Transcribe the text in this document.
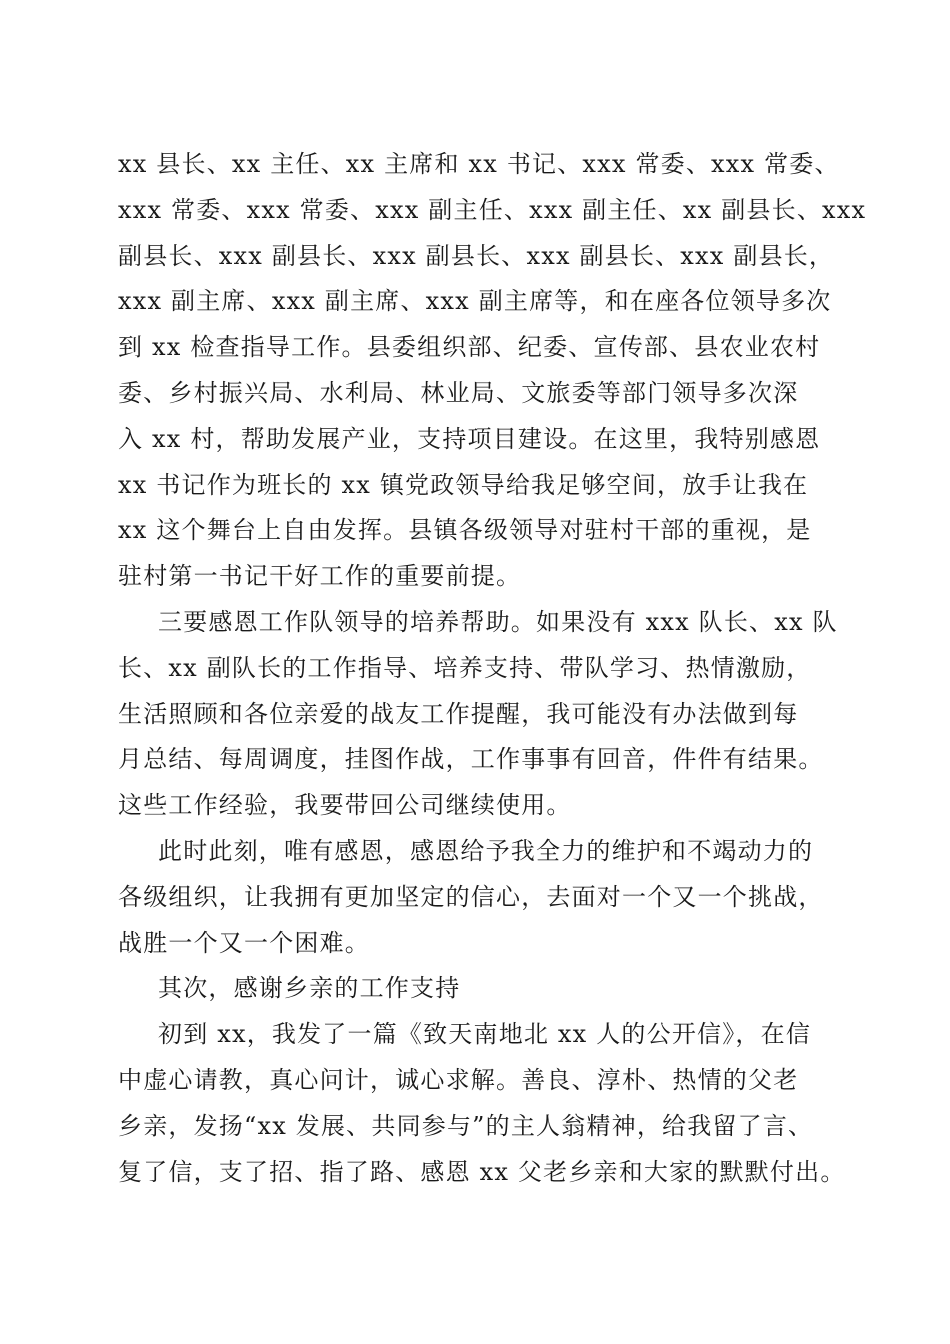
xx 县长、xx 主任、xx 主席和 xx 书记、xxx 常委、xxx 常委、
xxx 常委、xxx 常委、xxx 副主任、xxx 副主任、xx 副县长、xxx
副县长、xxx 副县长、xxx 副县长、xxx 副县长、xxx 副县长，
xxx 副主席、xxx 副主席、xxx 副主席等，和在座各位领导多次
到 xx 检查指导工作。县委组织部、纪委、宣传部、县农业农村
委、乡村振兴局、水利局、林业局、文旅委等部门领导多次深
入 xx 村，帮助发展产业，支持项目建设。在这里，我特别感恩
xx 书记作为班长的 xx 镇党政领导给我足够空间，放手让我在
xx 这个舞台上自由发挥。县镇各级领导对驻村干部的重视，是
驻村第一书记干好工作的重要前提。
三要感恩工作队领导的培养帮助。如果没有 xxx 队长、xx 队
长、xx 副队长的工作指导、培养支持、带队学习、热情激励，
生活照顾和各位亲爱的战友工作提醒，我可能没有办法做到每
月总结、每周调度，挂图作战，工作事事有回音，件件有结果。
这些工作经验，我要带回公司继续使用。
此时此刻，唯有感恩，感恩给予我全力的维护和不竭动力的
各级组织，让我拥有更加坚定的信心，去面对一个又一个挑战，
战胜一个又一个困难。
其次，感谢乡亲的工作支持
初到 xx，我发了一篇《致天南地北 xx 人的公开信》，在信
中虚心请教，真心问计，诚心求解。善良、淳朴、热情的父老
乡亲，发扬“xx 发展、共同参与”的主人翁精神，给我留了言、
复了信，支了招、指了路、感恩 xx 父老乡亲和大家的默默付出。
